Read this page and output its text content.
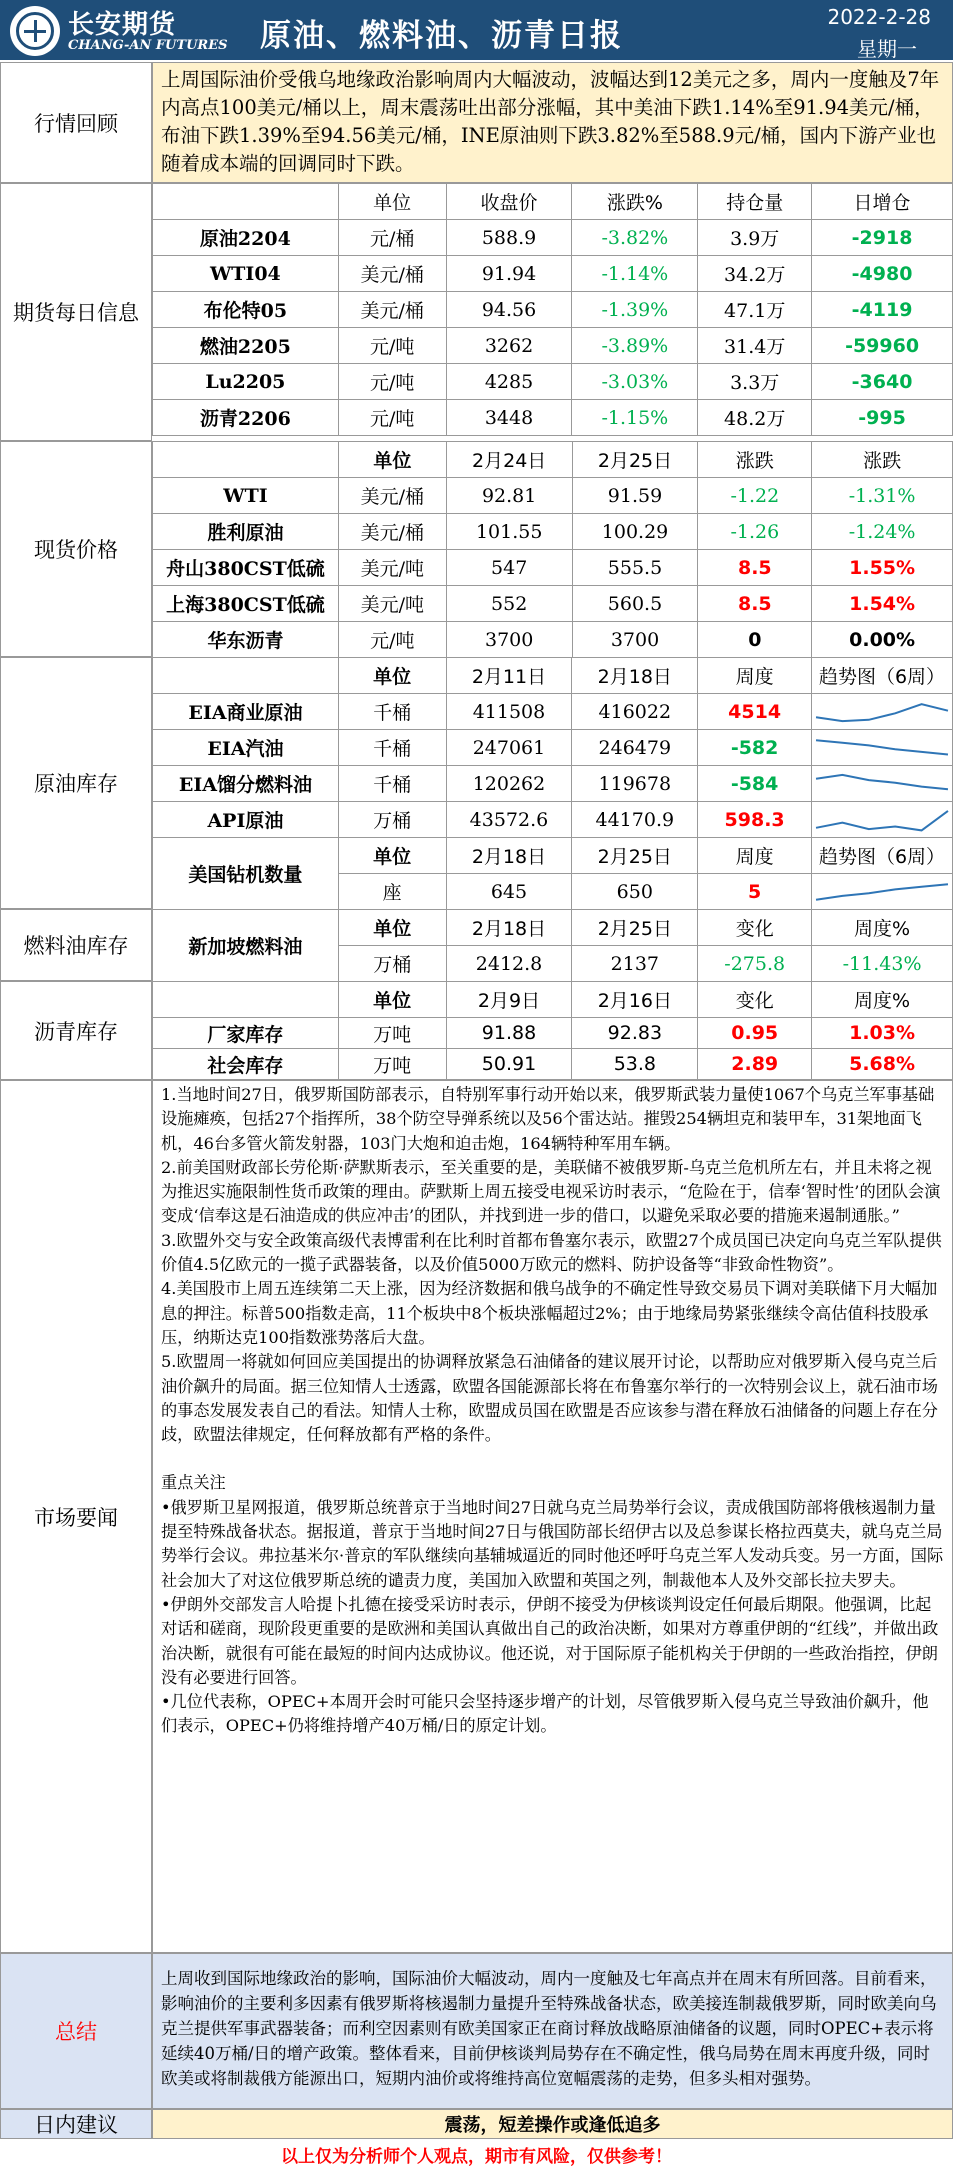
长安期货
CHANG-AN FUTURES 原油、燃料油、沥青日报
2022-2-28
星期一
行情回顾
上周国际油价受俄乌地缘政治影响周内大幅波动，波幅达到12美元之多，周内一度触及7年内高点100美元/桶以上，周末震荡吐出部分涨幅，其中美油下跌1.14%至91.94美元/桶，布油下跌1.39%至94.56美元/桶，INE原油则下跌3.82%至588.9元/桶，国内下游产业也随着成本端的回调同时下跌。
期货每日信息
	单位	收盘价	涨跌%	持仓量	日增仓
原油2204	元/桶	588.9	-3.82%	3.9万	-2918
WTI04	美元/桶	91.94	-1.14%	34.2万	-4980
布伦特05	美元/桶	94.56	-1.39%	47.1万	-4119
燃油2205	元/吨	3262	-3.89%	31.4万	-59960
Lu2205	元/吨	4285	-3.03%	3.3万	-3640
沥青2206	元/吨	3448	-1.15%	48.2万	-995
现货价格
	单位	2月24日	2月25日	涨跌	涨跌
WTI	美元/桶	92.81	91.59	-1.22	-1.31%
胜利原油	美元/桶	101.55	100.29	-1.26	-1.24%
舟山380CST低硫	美元/吨	547	555.5	8.5	1.55%
上海380CST低硫	美元/吨	552	560.5	8.5	1.54%
华东沥青	元/吨	3700	3700	0	0.00%
原油库存
	单位	2月11日	2月18日	周度	趋势图（6周）
EIA商业原油	千桶	411508	416022	4514	

EIA汽油	千桶	247061	246479	-582	

EIA馏分燃料油	千桶	120262	119678	-584	

API原油	万桶	43572.6	44170.9	598.3	

美国钻机数量	单位	2月18日	2月25日	周度	趋势图（6周）
	座	645	650	5	
燃料油库存	新加坡燃料油	单位	2月18日	2月25日	变化	周度%
	万桶	2412.8	2137	-275.8	-11.43%
沥青库存
	单位	2月9日	2月16日	变化	周度%
厂家库存	万吨	91.88	92.83	0.95	1.03%
社会库存	万吨	50.91	53.8	2.89	5.68%
市场要闻

1.当地时间27日，俄罗斯国防部表示，自特别军事行动开始以来，俄罗斯武装力量使1067个乌克兰军事基础设施瘫痪，包括27个指挥所，38个防空导弹系统以及56个雷达站。摧毁254辆坦克和装甲车，31架地面飞机，46台多管火箭发射器，103门大炮和迫击炮，164辆特种军用车辆。

2.前美国财政部长劳伦斯·萨默斯表示，至关重要的是，美联储不被俄罗斯-乌克兰危机所左右，并且未将之视为推迟实施限制性货币政策的理由。萨默斯上周五接受电视采访时表示，“危险在于，信奉‘智时性’的团队会演变成‘信奉这是石油造成的供应冲击’的团队，并找到进一步的借口，以避免采取必要的措施来遏制通胀。”

3.欧盟外交与安全政策高级代表博雷利在比利时首都布鲁塞尔表示，欧盟27个成员国已决定向乌克兰军队提供价值4.5亿欧元的一揽子武器装备，以及价值5000万欧元的燃料、防护设备等“非致命性物资”。

4.美国股市上周五连续第二天上涨，因为经济数据和俄乌战争的不确定性导致交易员下调对美联储下月大幅加息的押注。标普500指数走高，11个板块中8个板块涨幅超过2%；由于地缘局势紧张继续令高估值科技股承压，纳斯达克100指数涨势落后大盘。

5.欧盟周一将就如何回应美国提出的协调释放紧急石油储备的建议展开讨论，以帮助应对俄罗斯入侵乌克兰后油价飙升的局面。据三位知情人士透露，欧盟各国能源部长将在布鲁塞尔举行的一次特别会议上，就石油市场的事态发展发表自己的看法。知情人士称，欧盟成员国在欧盟是否应该参与潜在释放石油储备的问题上存在分歧，欧盟法律规定，任何释放都有严格的条件。

重点关注

•俄罗斯卫星网报道，俄罗斯总统普京于当地时间27日就乌克兰局势举行会议，责成俄国防部将俄核遏制力量提至特殊战备状态。据报道，普京于当地时间27日与俄国防部长绍伊古以及总参谋长格拉西莫夫，就乌克兰局势举行会议。弗拉基米尔·普京的军队继续向基辅城逼近的同时他还呼吁乌克兰军人发动兵变。另一方面，国际社会加大了对这位俄罗斯总统的谴责力度，美国加入欧盟和英国之列，制裁他本人及外交部长拉夫罗夫。

•伊朗外交部发言人哈提卜扎德在接受采访时表示，伊朗不接受为伊核谈判设定任何最后期限。他强调，比起对话和磋商，现阶段更重要的是欧洲和美国认真做出自己的政治决断，如果对方尊重伊朗的“红线”，并做出政治决断，就很有可能在最短的时间内达成协议。他还说，对于国际原子能机构关于伊朗的一些政治指控，伊朗没有必要进行回答。

•几位代表称，OPEC+本周开会时可能只会坚持逐步增产的计划，尽管俄罗斯入侵乌克兰导致油价飙升，他们表示，OPEC+仍将维持增产40万桶/日的原定计划。

总结
上周收到国际地缘政治的影响，国际油价大幅波动，周内一度触及七年高点并在周末有所回落。目前看来，影响油价的主要利多因素有俄罗斯将核遏制力量提升至特殊战备状态，欧美接连制裁俄罗斯，同时欧美向乌克兰提供军事武器装备；而利空因素则有欧美国家正在商讨释放战略原油储备的议题，同时OPEC+表示将延续40万桶/日的增产政策。整体看来，目前伊核谈判局势存在不确定性，俄乌局势在周末再度升级，同时欧美或将制裁俄方能源出口，短期内油价或将维持高位宽幅震荡的走势，但多头相对强势。
日内建议	震荡，短差操作或逢低追多
以上仅为分析师个人观点，期市有风险，仅供参考！
